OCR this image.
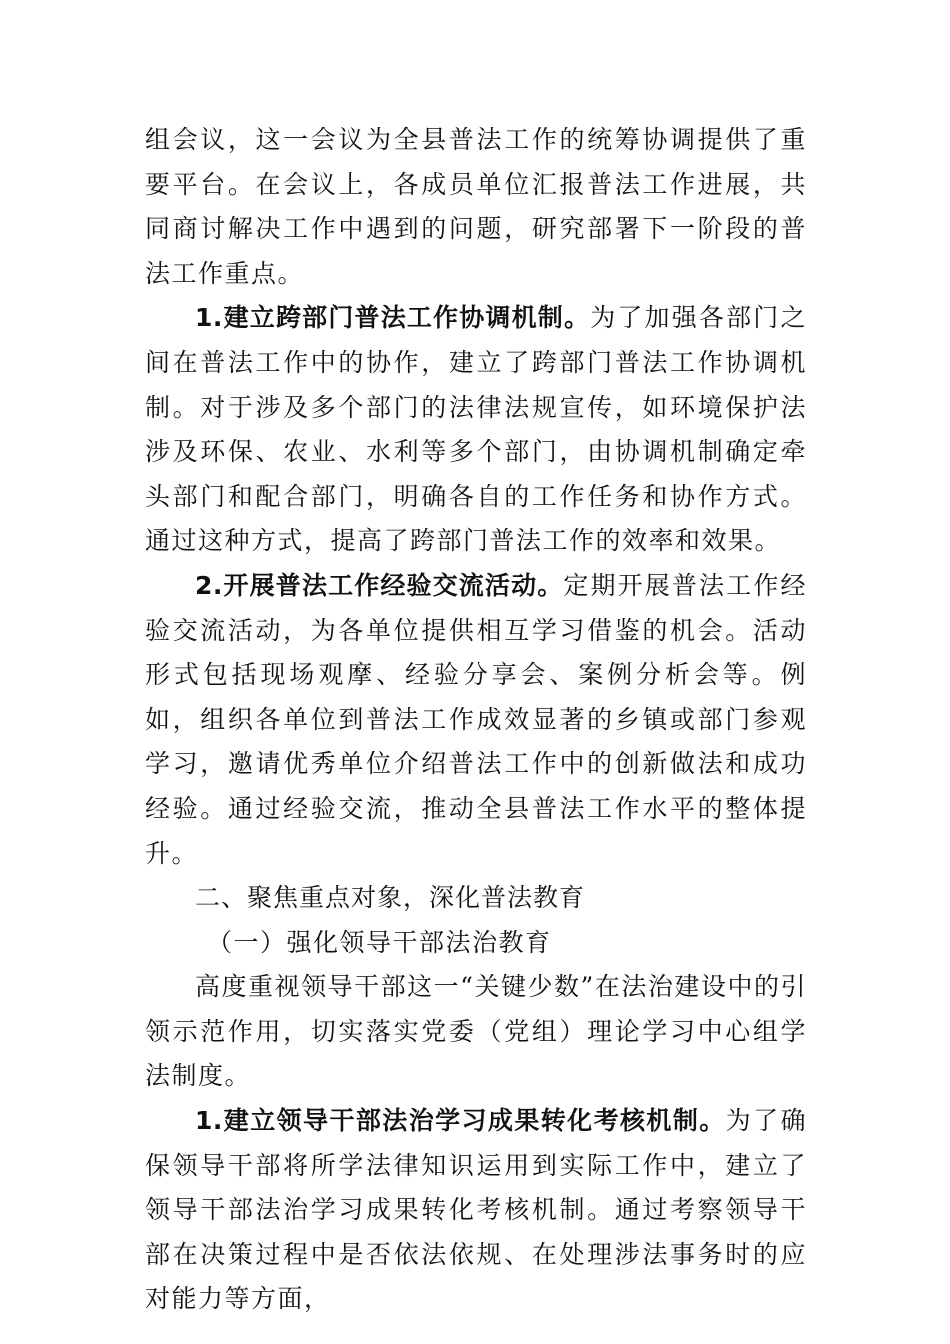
组会议，这一会议为全县普法工作的统筹协调提供了重要平台。在会议上，各成员单位汇报普法工作进展，共同商讨解决工作中遇到的问题，研究部署下一阶段的普法工作重点。

1.建立跨部门普法工作协调机制。为了加强各部门之间在普法工作中的协作，建立了跨部门普法工作协调机制。对于涉及多个部门的法律法规宣传，如环境保护法涉及环保、农业、水利等多个部门，由协调机制确定牵头部门和配合部门，明确各自的工作任务和协作方式。通过这种方式，提高了跨部门普法工作的效率和效果。

2.开展普法工作经验交流活动。定期开展普法工作经验交流活动，为各单位提供相互学习借鉴的机会。活动形式包括现场观摩、经验分享会、案例分析会等。例如，组织各单位到普法工作成效显著的乡镇或部门参观学习，邀请优秀单位介绍普法工作中的创新做法和成功经验。通过经验交流，推动全县普法工作水平的整体提升。

二、聚焦重点对象，深化普法教育

（一）强化领导干部法治教育

高度重视领导干部这一“关键少数”在法治建设中的引领示范作用，切实落实党委（党组）理论学习中心组学法制度。

1.建立领导干部法治学习成果转化考核机制。为了确保领导干部将所学法律知识运用到实际工作中，建立了领导干部法治学习成果转化考核机制。通过考察领导干部在决策过程中是否依法依规、在处理涉法事务时的应对能力等方面，
